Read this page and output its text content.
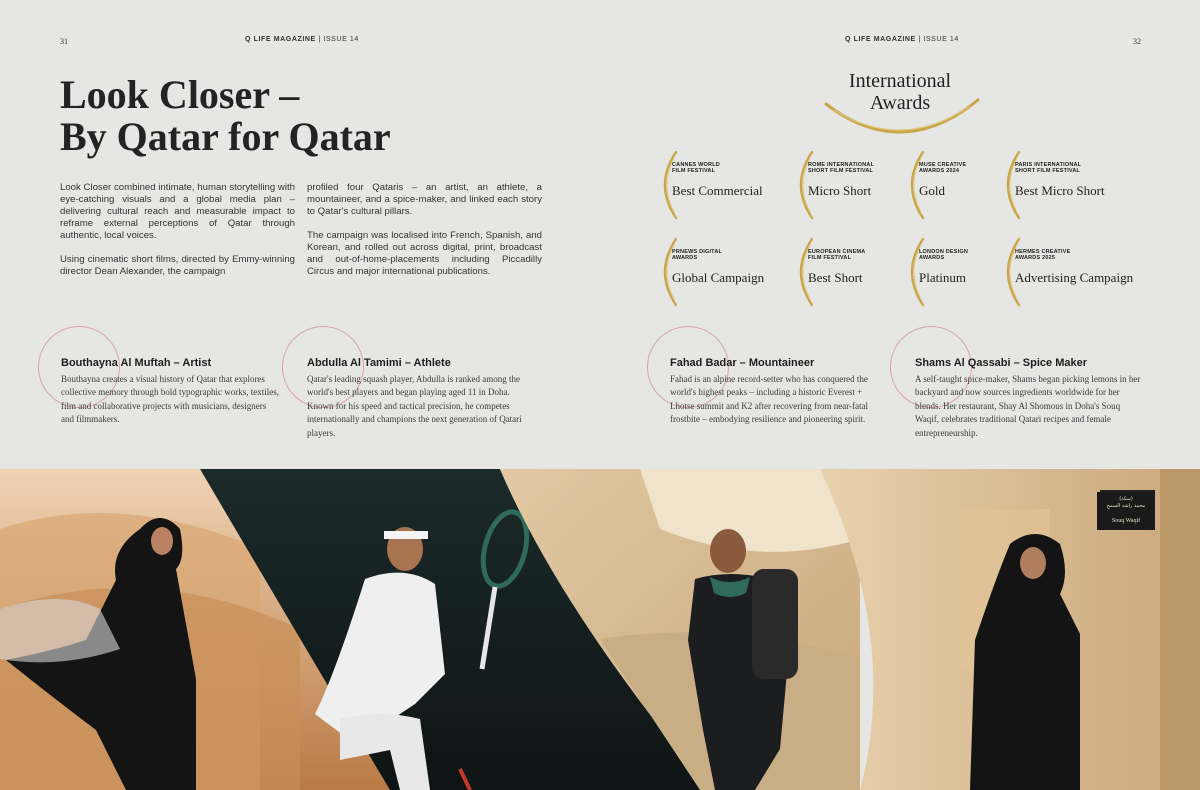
31	Q LIFE MAGAZINE | ISSUE 14	Q LIFE MAGAZINE | ISSUE 14	32
Look Closer –
By Qatar for Qatar

Look Closer combined intimate, human storytelling with eye-catching visuals and a global media plan – delivering cultural reach and measurable impact to reframe external perceptions of Qatar through authentic, local voices.

Using cinematic short films, directed by Emmy-winning director Dean Alexander, the campaign

profiled four Qataris – an artist, an athlete, a mountaineer, and a spice-maker, and linked each story to Qatar's cultural pillars.

The campaign was localised into French, Spanish, and Korean, and rolled out across digital, print, broadcast and out-of-home-placements including Piccadilly Circus and major international publications.

International
Awards
CANNES WORLD
FILM FESTIVAL
Best Commercial
ROME INTERNATIONAL
SHORT FILM FESTIVAL
Micro Short
MUSE CREATIVE
AWARDS 2024
Gold
PARIS INTERNATIONAL
SHORT FILM FESTIVAL
Best Micro Short
PRNEWS DIGITAL
AWARDS
Global Campaign
EUROPEAN CINEMA
FILM FESTIVAL
Best Short
LONDON DESIGN
AWARDS
Platinum
HERMES CREATIVE
AWARDS 2025
Advertising Campaign
Bouthayna Al Muftah – Artist

Bouthayna creates a visual history of Qatar that explores collective memory through bold typographic works, textiles, film and collaborative projects with musicians, designers and filmmakers.

Abdulla Al Tamimi – Athlete

Qatar's leading squash player, Abdulla is ranked among the world's best players and began playing aged 11 in Doha. Known for his speed and tactical precision, he competes internationally and champions the next generation of Qatari players.

Fahad Badar – Mountaineer

Fahad is an alpine record-setter who has conquered the world's highest peaks – including a historic Everest + Lhotse summit and K2 after recovering from near-fatal frostbite – embodying resilience and pioneering spirit.

Shams Al Qassabi – Spice Maker

A self-taught spice-maker, Shams began picking lemons in her backyard and now sources ingredients worldwide for her blends. Her restaurant, Shay Al Shomous in Doha's Souq Waqif, celebrates traditional Qatari recipes and female entrepreneurship.

(سكة)
محمد راشد السمح
Souq Waqif
